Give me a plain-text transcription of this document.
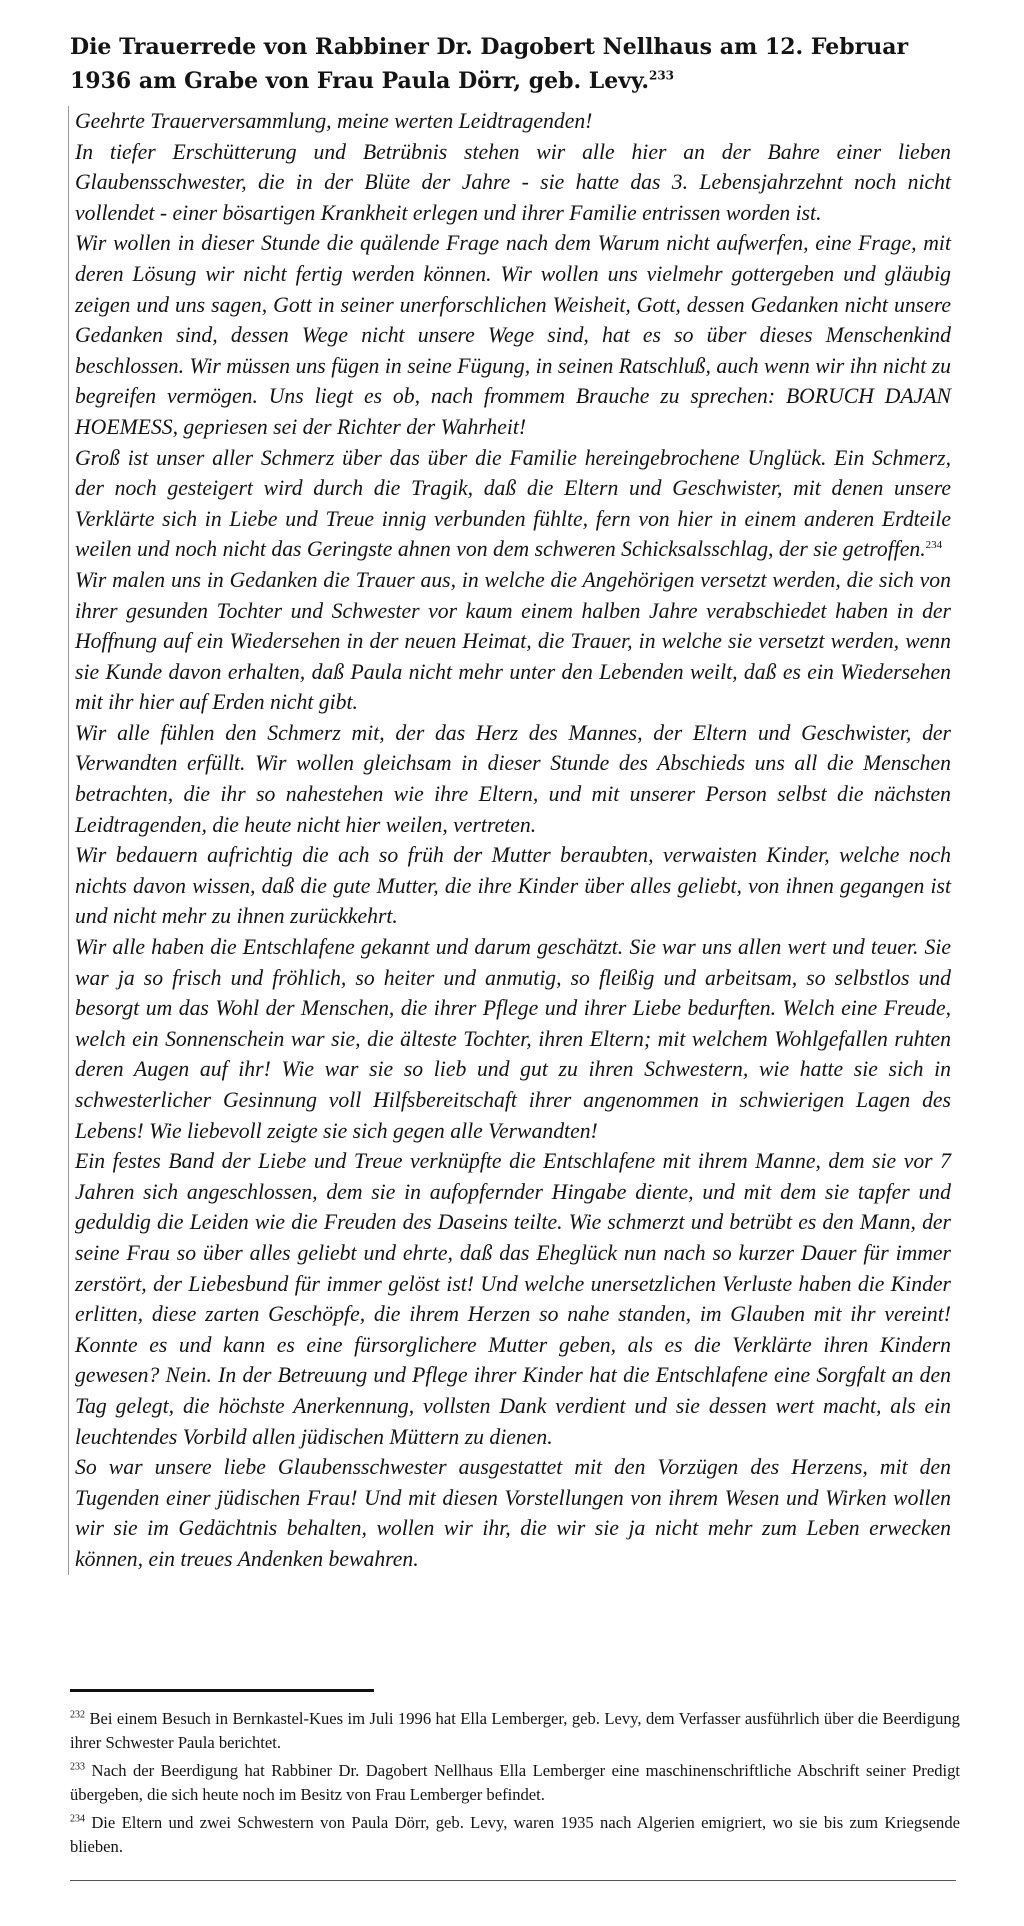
Die Trauerrede von Rabbiner Dr. Dagobert Nellhaus am 12. Februar 1936 am Grabe von Frau Paula Dörr, geb. Levy.$^{233}$

Geehrte Trauerversammlung, meine werten Leidtragenden!

In tiefer Erschütterung und Betrübnis stehen wir alle hier an der Bahre einer lieben Glaubensschwester, die in der Blüte der Jahre - sie hatte das 3. Lebensjahrzehnt noch nicht vollendet - einer bösartigen Krankheit erlegen und ihrer Familie entrissen worden ist.

Wir wollen in dieser Stunde die quälende Frage nach dem Warum nicht aufwerfen, eine Frage, mit deren Lösung wir nicht fertig werden können. Wir wollen uns vielmehr gottergeben und gläubig zeigen und uns sagen, Gott in seiner unerforschlichen Weisheit, Gott, dessen Gedanken nicht unsere Gedanken sind, dessen Wege nicht unsere Wege sind, hat es so über dieses Menschenkind beschlossen. Wir müssen uns fügen in seine Fügung, in seinen Ratschluß, auch wenn wir ihn nicht zu begreifen vermögen. Uns liegt es ob, nach frommem Brauche zu sprechen: BORUCH DAJAN HOEMESS, gepriesen sei der Richter der Wahrheit!

Groß ist unser aller Schmerz über das über die Familie hereingebrochene Unglück. Ein Schmerz, der noch gesteigert wird durch die Tragik, daß die Eltern und Geschwister, mit denen unsere Verklärte sich in Liebe und Treue innig verbunden fühlte, fern von hier in einem anderen Erdteile weilen und noch nicht das Geringste ahnen von dem schweren Schicksalsschlag, der sie getroffen.$^{234}$

Wir malen uns in Gedanken die Trauer aus, in welche die Angehörigen versetzt werden, die sich von ihrer gesunden Tochter und Schwester vor kaum einem halben Jahre verabschiedet haben in der Hoffnung auf ein Wiedersehen in der neuen Heimat, die Trauer, in welche sie versetzt werden, wenn sie Kunde davon erhalten, daß Paula nicht mehr unter den Lebenden weilt, daß es ein Wiedersehen mit ihr hier auf Erden nicht gibt.

Wir alle fühlen den Schmerz mit, der das Herz des Mannes, der Eltern und Geschwister, der Verwandten erfüllt. Wir wollen gleichsam in dieser Stunde des Abschieds uns all die Menschen betrachten, die ihr so nahestehen wie ihre Eltern, und mit unserer Person selbst die nächsten Leidtragenden, die heute nicht hier weilen, vertreten.

Wir bedauern aufrichtig die ach so früh der Mutter beraubten, verwaisten Kinder, welche noch nichts davon wissen, daß die gute Mutter, die ihre Kinder über alles geliebt, von ihnen gegangen ist und nicht mehr zu ihnen zurückkehrt.

Wir alle haben die Entschlafene gekannt und darum geschätzt. Sie war uns allen wert und teuer. Sie war ja so frisch und fröhlich, so heiter und anmutig, so fleißig und arbeitsam, so selbstlos und besorgt um das Wohl der Menschen, die ihrer Pflege und ihrer Liebe bedurften. Welch eine Freude, welch ein Sonnenschein war sie, die älteste Tochter, ihren Eltern; mit welchem Wohlgefallen ruhten deren Augen auf ihr! Wie war sie so lieb und gut zu ihren Schwestern, wie hatte sie sich in schwesterlicher Gesinnung voll Hilfsbereitschaft ihrer angenommen in schwierigen Lagen des Lebens! Wie liebevoll zeigte sie sich gegen alle Verwandten!

Ein festes Band der Liebe und Treue verknüpfte die Entschlafene mit ihrem Manne, dem sie vor 7 Jahren sich angeschlossen, dem sie in aufopfernder Hingabe diente, und mit dem sie tapfer und geduldig die Leiden wie die Freuden des Daseins teilte. Wie schmerzt und betrübt es den Mann, der seine Frau so über alles geliebt und ehrte, daß das Eheglück nun nach so kurzer Dauer für immer zerstört, der Liebesbund für immer gelöst ist! Und welche unersetzlichen Verluste haben die Kinder erlitten, diese zarten Geschöpfe, die ihrem Herzen so nahe standen, im Glauben mit ihr vereint! Konnte es und kann es eine fürsorglichere Mutter geben, als es die Verklärte ihren Kindern gewesen? Nein. In der Betreuung und Pflege ihrer Kinder hat die Entschlafene eine Sorgfalt an den Tag gelegt, die höchste Anerkennung, vollsten Dank verdient und sie dessen wert macht, als ein leuchtendes Vorbild allen jüdischen Müttern zu dienen.

So war unsere liebe Glaubensschwester ausgestattet mit den Vorzügen des Herzens, mit den Tugenden einer jüdischen Frau! Und mit diesen Vorstellungen von ihrem Wesen und Wirken wollen wir sie im Gedächtnis behalten, wollen wir ihr, die wir sie ja nicht mehr zum Leben erwecken können, ein treues Andenken bewahren.

$^{232}$ Bei einem Besuch in Bernkastel-Kues im Juli 1996 hat Ella Lemberger, geb. Levy, dem Verfasser ausführlich über die Beerdigung ihrer Schwester Paula berichtet.

$^{233}$ Nach der Beerdigung hat Rabbiner Dr. Dagobert Nellhaus Ella Lemberger eine maschinenschriftliche Abschrift seiner Predigt übergeben, die sich heute noch im Besitz von Frau Lemberger befindet.

$^{234}$ Die Eltern und zwei Schwestern von Paula Dörr, geb. Levy, waren 1935 nach Algerien emigriert, wo sie bis zum Kriegsende blieben.
